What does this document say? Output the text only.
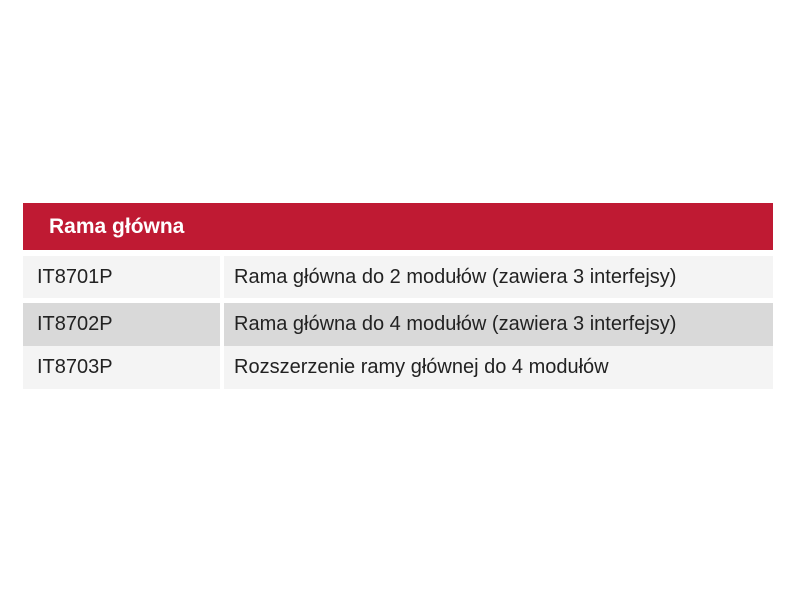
Rama główna
IT8701P	Rama główna do 2 modułów (zawiera 3 interfejsy)
IT8702P	Rama główna do 4 modułów (zawiera 3 interfejsy)
IT8703P	Rozszerzenie ramy głównej do 4 modułów
